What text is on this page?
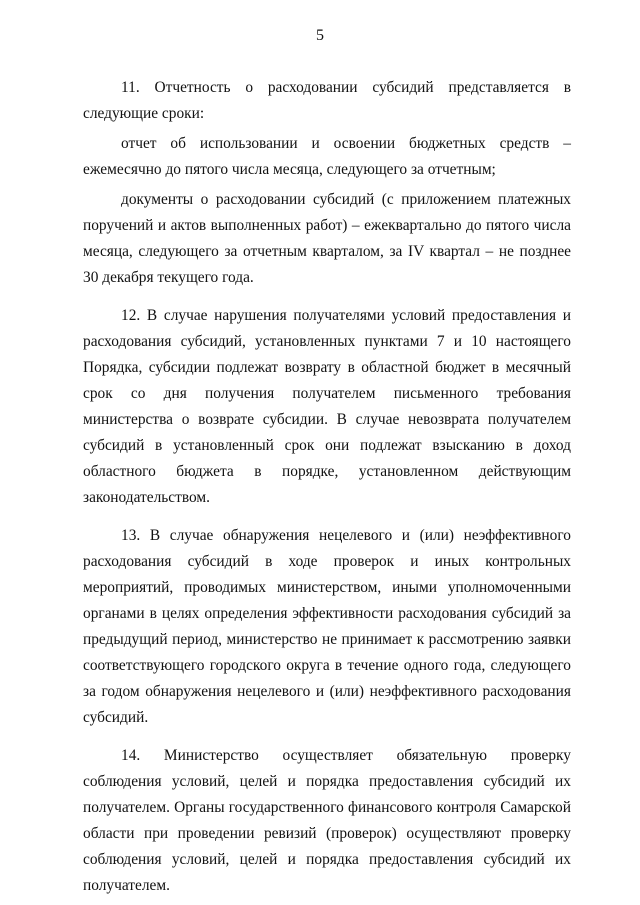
5

11. Отчетность о расходовании субсидий представляется в следующие сроки:

отчет об использовании и освоении бюджетных средств – ежемесячно до пятого числа месяца, следующего за отчетным;

документы о расходовании субсидий (с приложением платежных поручений и актов выполненных работ) – ежеквартально до пятого числа месяца, следующего за отчетным кварталом, за IV квартал – не позднее 30 декабря текущего года.

12. В случае нарушения получателями условий предоставления и расходования субсидий, установленных пунктами 7 и 10 настоящего Порядка, субсидии подлежат возврату в областной бюджет в месячный срок со дня получения получателем письменного требования министерства о возврате субсидии. В случае невозврата получателем субсидий в установленный срок они подлежат взысканию в доход областного бюджета в порядке, установленном действующим законодательством.

13. В случае обнаружения нецелевого и (или) неэффективного расходования субсидий в ходе проверок и иных контрольных мероприятий, проводимых министерством, иными уполномоченными органами в целях определения эффективности расходования субсидий за предыдущий период, министерство не принимает к рассмотрению заявки соответствующего городского округа в течение одного года, следующего за годом обнаружения нецелевого и (или) неэффективного расходования субсидий.

14. Министерство осуществляет обязательную проверку соблюдения условий, целей и порядка предоставления субсидий их получателем. Органы государственного финансового контроля Самарской области при проведении ревизий (проверок) осуществляют проверку соблюдения условий, целей и порядка предоставления субсидий их получателем.
